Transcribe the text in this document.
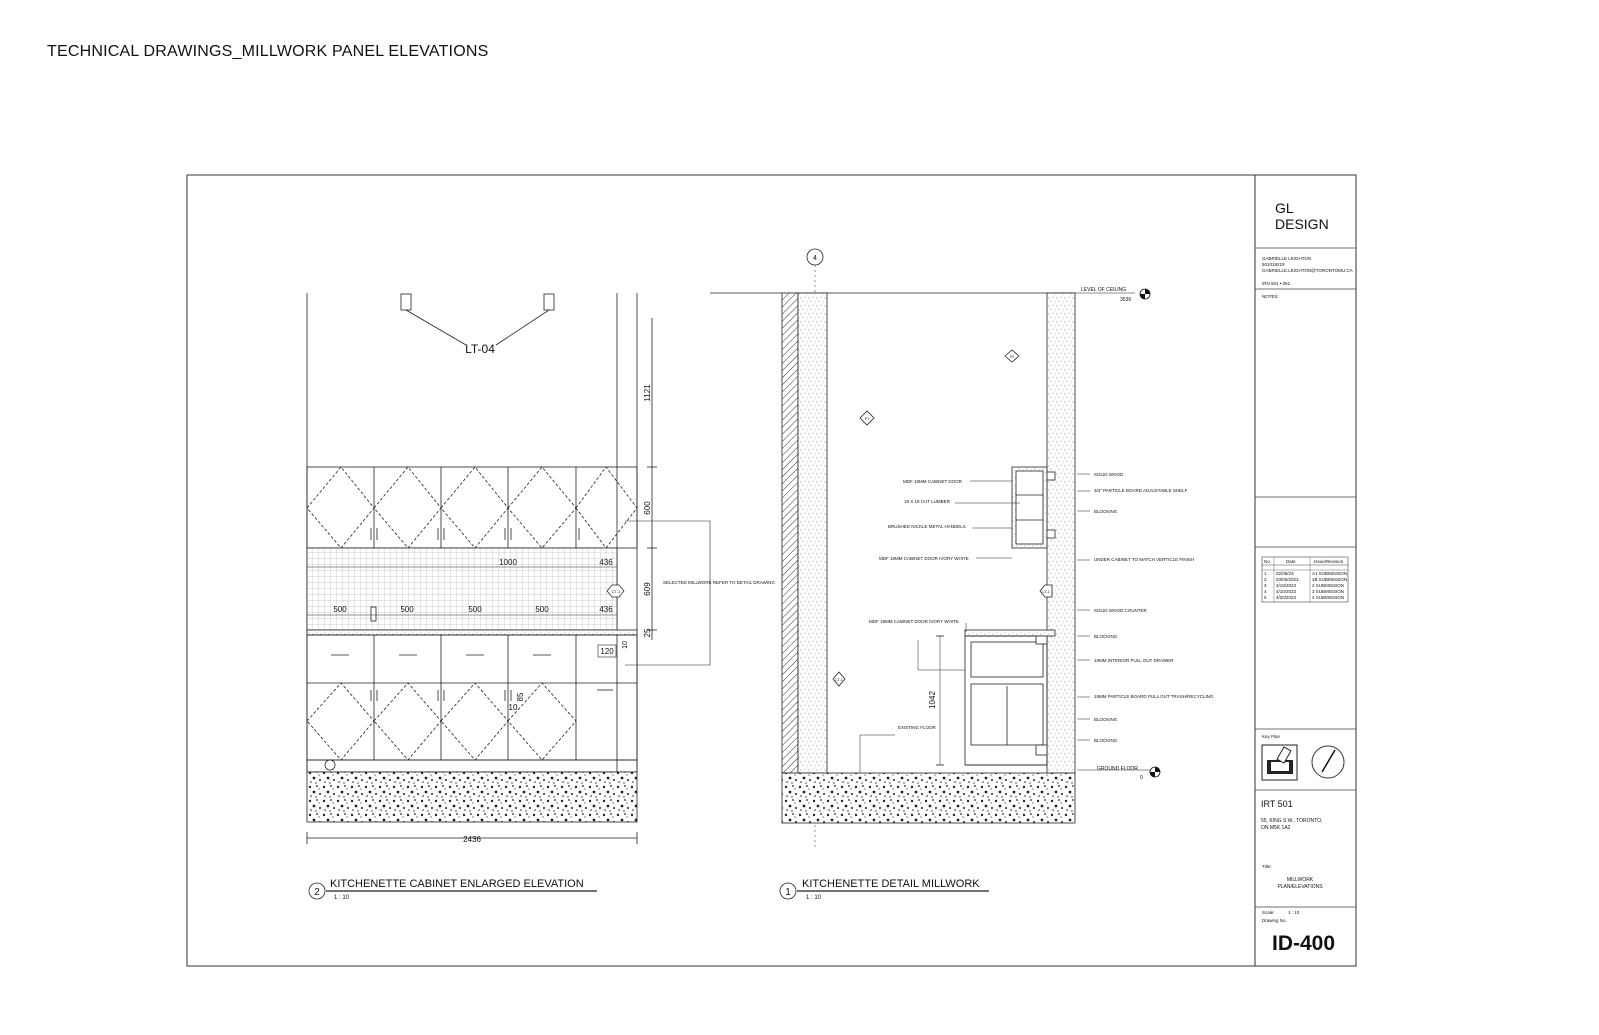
TECHNICAL DRAWINGS_MILLWORK PANEL ELEVATIONS
GL
DESIGN
GABRIELLE LEIGHTON
501019219
GABRIELLE.LEIGHTON@TORONTOMU.CA
IRN 501 • 051
NOTES:
No.	Date	Issue/Revision
1 02/05/23	A1 SUBMISSION
2 03/05/2023	1B SUBMISSION
3 3/19/2023	2 SUBMISSION
4 4/10/2023	3 SUBMISSION
5 4/20/2023	4 SUBMISSION
Key Plan
IRT 501
55, KING S W., TORONTO,
ON M5K 1A2
Title:
MILLWORK
PLAN/ELEVATIONS
Scale:	1 : 10
Drawing No.
ID-400
LT-04
1121
600
609
25
1000	436
500	500	500	500	436
120
10
85
10
2436
SELECTED MILLWORK REFER TO DETAIL DRAWING
CT-1
2
KITCHENETTE CABINET ENLARGED ELEVATION
1 : 10
4
LEVEL OF CEILING
3536
GROUND FLOOR
0
P2
P1
CT-1
CT-1
1042
EXISTING FLOOR
MDF 19MM CABINET DOOR
19 X 19 CUT LUMBER
BRUSHED NICKLE METAL HANDELS
MDF 19MM CABINET DOOR IVORY WHITE
MDF 19MM CABINET DOOR IVORY WHITE
SOLID WOOD
3/4" PARTICLE BOARD ADJUSTABLE SHELF
BLOCKING
UNDER CABINET TO MATCH VERTICLE FINISH
SOLID WOOD COUNTER
BLOCKING
19MM INTERIOR PULL OUT DRAWER
19MM PARTICLE BOARD PULL OUT TRASH/RECYCLING
BLOCKING
BLOCKING
1
KITCHENETTE DETAIL MILLWORK
1 : 10
